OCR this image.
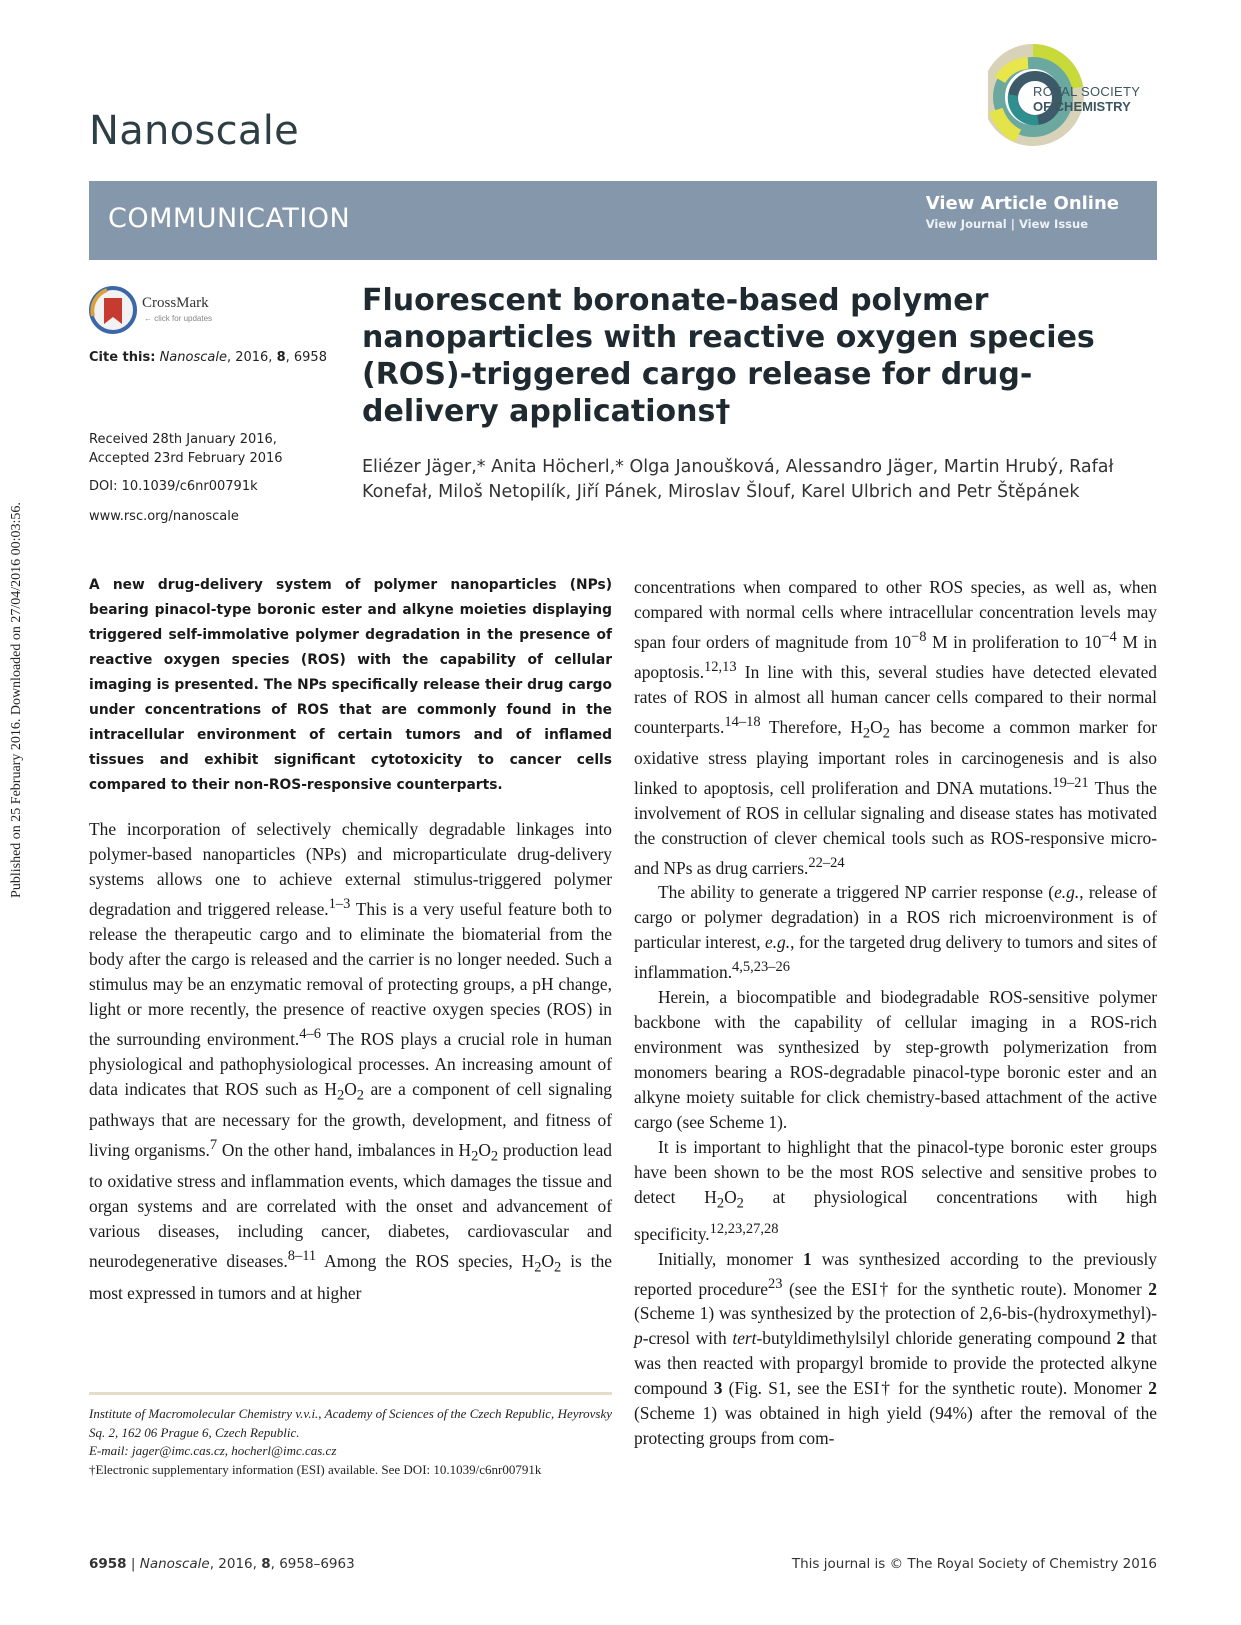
Published on 25 February 2016. Downloaded on 27/04/2016 00:03:56.
Nanoscale
ROYAL SOCIETY
OF CHEMISTRY
COMMUNICATION	View Article Online
View Journal | View Issue
CrossMark
← click for updates
Cite this: Nanoscale, 2016, 8, 6958
Received 28th January 2016,
Accepted 23rd February 2016
DOI: 10.1039/c6nr00791k
www.rsc.org/nanoscale
Fluorescent boronate-based polymer nanoparticles with reactive oxygen species (ROS)-triggered cargo release for drug-delivery applications†
Eliézer Jäger,* Anita Höcherl,* Olga Janoušková, Alessandro Jäger, Martin Hrubý, Rafał Konefał, Miloš Netopilík, Jiří Pánek, Miroslav Šlouf, Karel Ulbrich and Petr Štěpánek
A new drug-delivery system of polymer nanoparticles (NPs) bearing pinacol-type boronic ester and alkyne moieties displaying triggered self-immolative polymer degradation in the presence of reactive oxygen species (ROS) with the capability of cellular imaging is presented. The NPs specifically release their drug cargo under concentrations of ROS that are commonly found in the intracellular environment of certain tumors and of inflamed tissues and exhibit significant cytotoxicity to cancer cells compared to their non-ROS-responsive counterparts.

The incorporation of selectively chemically degradable linkages into polymer-based nanoparticles (NPs) and microparticulate drug-delivery systems allows one to achieve external stimulus-triggered polymer degradation and triggered release.$^{1-3}$ This is a very useful feature both to release the therapeutic cargo and to eliminate the biomaterial from the body after the cargo is released and the carrier is no longer needed. Such a stimulus may be an enzymatic removal of protecting groups, a pH change, light or more recently, the presence of reactive oxygen species (ROS) in the surrounding environment.$^{4-6}$ The ROS plays a crucial role in human physiological and pathophysiological processes. An increasing amount of data indicates that ROS such as $H_2O_2$ are a component of cell signaling pathways that are necessary for the growth, development, and fitness of living organisms.$^7$ On the other hand, imbalances in $H_2O_2$ production lead to oxidative stress and inflammation events, which damages the tissue and organ systems and are correlated with the onset and advancement of various diseases, including cancer, diabetes, cardiovascular and neurodegenerative diseases.$^{8-11}$ Among the ROS species, $H_2O_2$ is the most expressed in tumors and at higher

concentrations when compared to other ROS species, as well as, when compared with normal cells where intracellular concentration levels may span four orders of magnitude from $10^{-8}$ M in proliferation to $10^{-4}$ M in apoptosis.$^{12,13}$ In line with this, several studies have detected elevated rates of ROS in almost all human cancer cells compared to their normal counterparts.$^{14-18}$ Therefore, $H_2O_2$ has become a common marker for oxidative stress playing important roles in carcinogenesis and is also linked to apoptosis, cell proliferation and DNA mutations.$^{19-21}$ Thus the involvement of ROS in cellular signaling and disease states has motivated the construction of clever chemical tools such as ROS-responsive micro- and NPs as drug carriers.$^{22-24}$

The ability to generate a triggered NP carrier response (e.g., release of cargo or polymer degradation) in a ROS rich microenvironment is of particular interest, e.g., for the targeted drug delivery to tumors and sites of inflammation.$^{4,5,23-26}$

Herein, a biocompatible and biodegradable ROS-sensitive polymer backbone with the capability of cellular imaging in a ROS-rich environment was synthesized by step-growth polymerization from monomers bearing a ROS-degradable pinacol-type boronic ester and an alkyne moiety suitable for click chemistry-based attachment of the active cargo (see Scheme 1).

It is important to highlight that the pinacol-type boronic ester groups have been shown to be the most ROS selective and sensitive probes to detect $H_2O_2$ at physiological concentrations with high specificity.$^{12,23,27,28}$

Initially, monomer 1 was synthesized according to the previously reported procedure$^{23}$ (see the ESI† for the synthetic route). Monomer 2 (Scheme 1) was synthesized by the protection of 2,6-bis-(hydroxymethyl)-p-cresol with tert-butyldimethylsilyl chloride generating compound 2 that was then reacted with propargyl bromide to provide the protected alkyne compound 3 (Fig. S1, see the ESI† for the synthetic route). Monomer 2 (Scheme 1) was obtained in high yield (94%) after the removal of the protecting groups from com-

Institute of Macromolecular Chemistry v.v.i., Academy of Sciences of the Czech Republic, Heyrovsky Sq. 2, 162 06 Prague 6, Czech Republic.

E-mail: jager@imc.cas.cz, hocherl@imc.cas.cz

†Electronic supplementary information (ESI) available. See DOI: 10.1039/c6nr00791k

6958 | Nanoscale, 2016, 8, 6958–6963	This journal is © The Royal Society of Chemistry 2016
